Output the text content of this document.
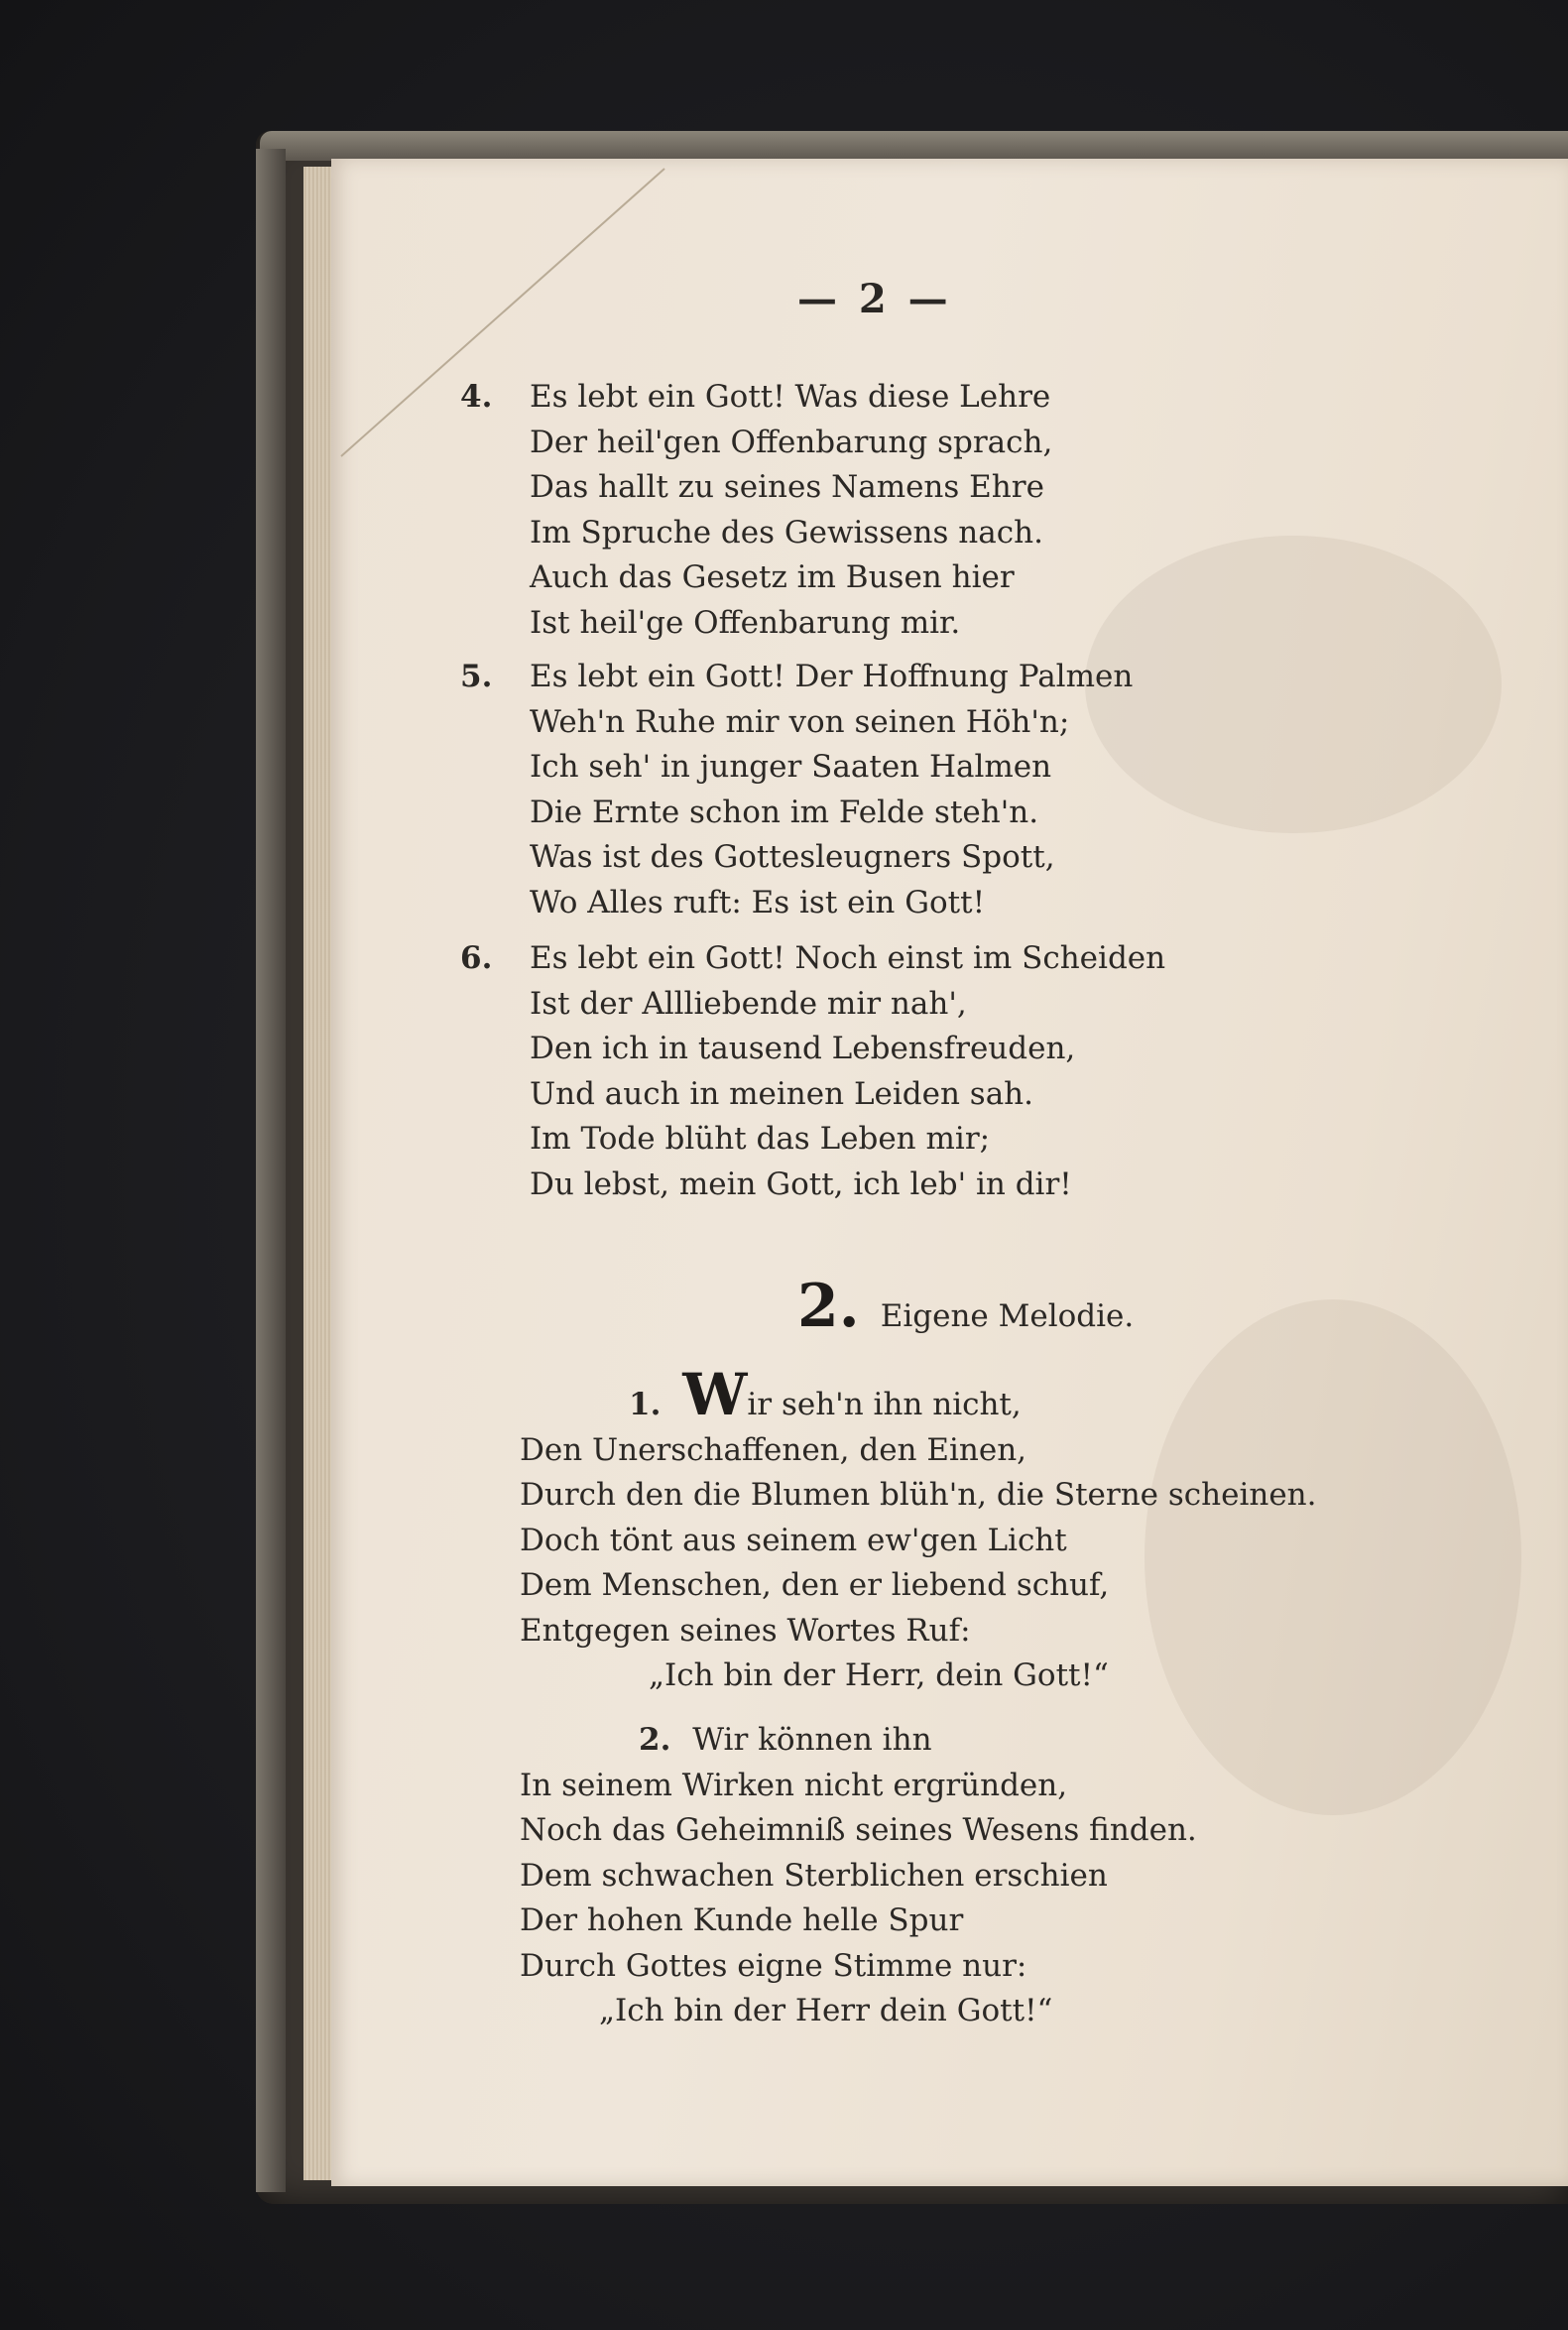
— 2 —
4.	Es lebt ein Gott! Was diese Lehre
Der heil'gen Offenbarung sprach,
Das hallt zu seines Namens Ehre
Im Spruche des Gewissens nach.
Auch das Gesetz im Busen hier
Ist heil'ge Offenbarung mir.
5.	Es lebt ein Gott! Der Hoffnung Palmen
Weh'n Ruhe mir von seinen Höh'n;
Ich seh' in junger Saaten Halmen
Die Ernte schon im Felde steh'n.
Was ist des Gottesleugners Spott,
Wo Alles ruft: Es ist ein Gott!
6.	Es lebt ein Gott! Noch einst im Scheiden
Ist der Allliebende mir nah',
Den ich in tausend Lebensfreuden,
Und auch in meinen Leiden sah.
Im Tode blüht das Leben mir;
Du lebst, mein Gott, ich leb' in dir!
2. Eigene Melodie.
1. Wir seh'n ihn nicht,
Den Unerschaffenen, den Einen,
Durch den die Blumen blüh'n, die Sterne scheinen.
Doch tönt aus seinem ew'gen Licht
Dem Menschen, den er liebend schuf,
Entgegen seines Wortes Ruf:
„Ich bin der Herr, dein Gott!“
2. Wir können ihn
In seinem Wirken nicht ergründen,
Noch das Geheimniß seines Wesens finden.
Dem schwachen Sterblichen erschien
Der hohen Kunde helle Spur
Durch Gottes eigne Stimme nur:
„Ich bin der Herr dein Gott!“
